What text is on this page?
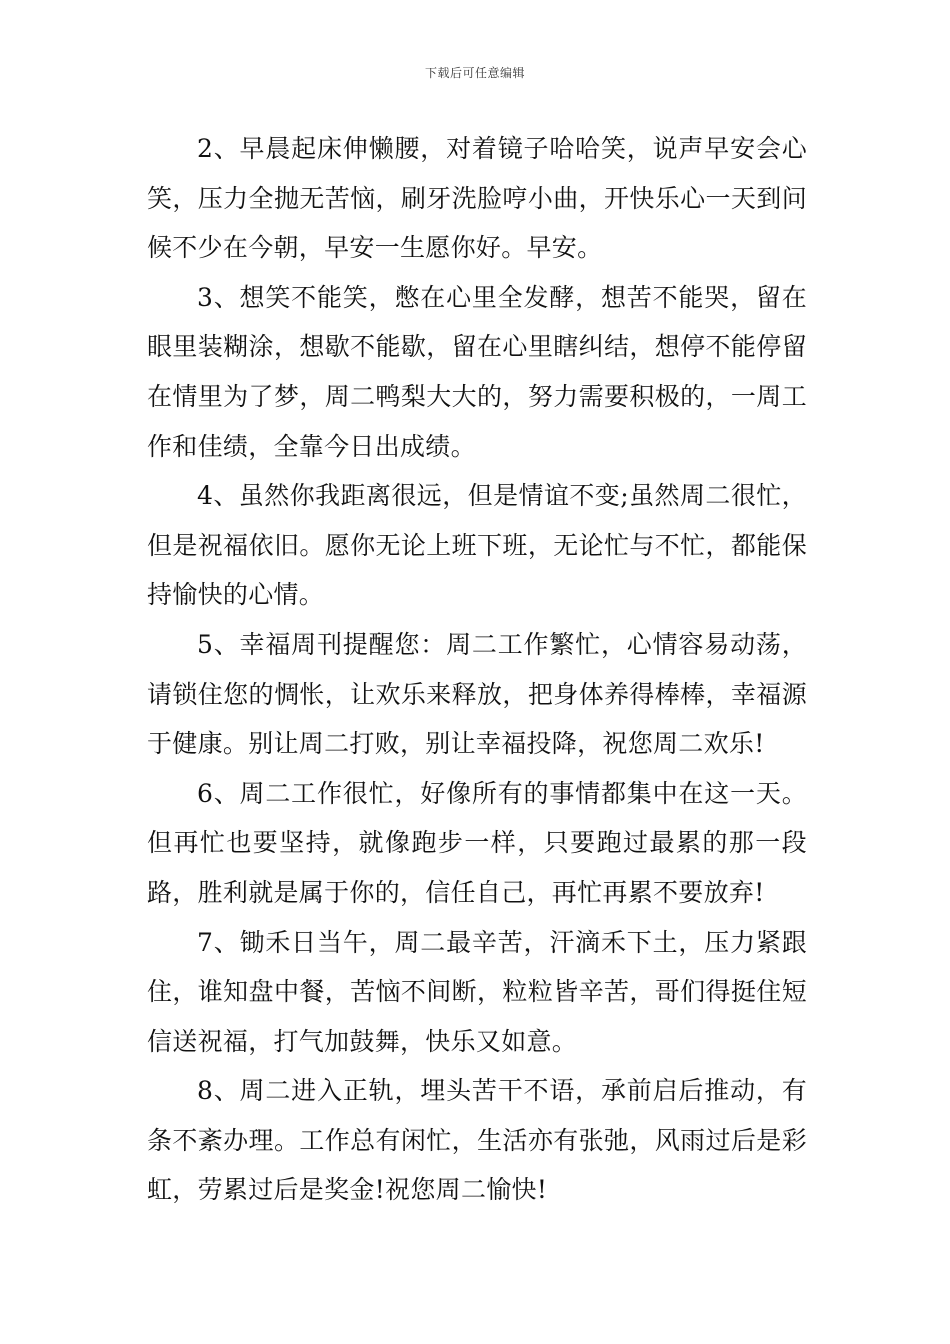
下载后可任意编辑

2、早晨起床伸懒腰，对着镜子哈哈笑，说声早安会心笑，压力全抛无苦恼，刷牙洗脸哼小曲，开快乐心一天到问候不少在今朝，早安一生愿你好。早安。

3、想笑不能笑，憋在心里全发酵，想苦不能哭，留在眼里装糊涂，想歇不能歇，留在心里瞎纠结，想停不能停留在情里为了梦，周二鸭梨大大的，努力需要积极的，一周工作和佳绩，全靠今日出成绩。

4、虽然你我距离很远，但是情谊不变;虽然周二很忙，但是祝福依旧。愿你无论上班下班，无论忙与不忙，都能保持愉快的心情。

5、幸福周刊提醒您：周二工作繁忙，心情容易动荡，请锁住您的惆怅，让欢乐来释放，把身体养得棒棒，幸福源于健康。别让周二打败，别让幸福投降，祝您周二欢乐!

6、周二工作很忙，好像所有的事情都集中在这一天。但再忙也要坚持，就像跑步一样，只要跑过最累的那一段路，胜利就是属于你的，信任自己，再忙再累不要放弃!

7、锄禾日当午，周二最辛苦，汗滴禾下土，压力紧跟住，谁知盘中餐，苦恼不间断，粒粒皆辛苦，哥们得挺住短信送祝福，打气加鼓舞，快乐又如意。

8、周二进入正轨，埋头苦干不语，承前启后推动，有条不紊办理。工作总有闲忙，生活亦有张弛，风雨过后是彩虹，劳累过后是奖金!祝您周二愉快!
